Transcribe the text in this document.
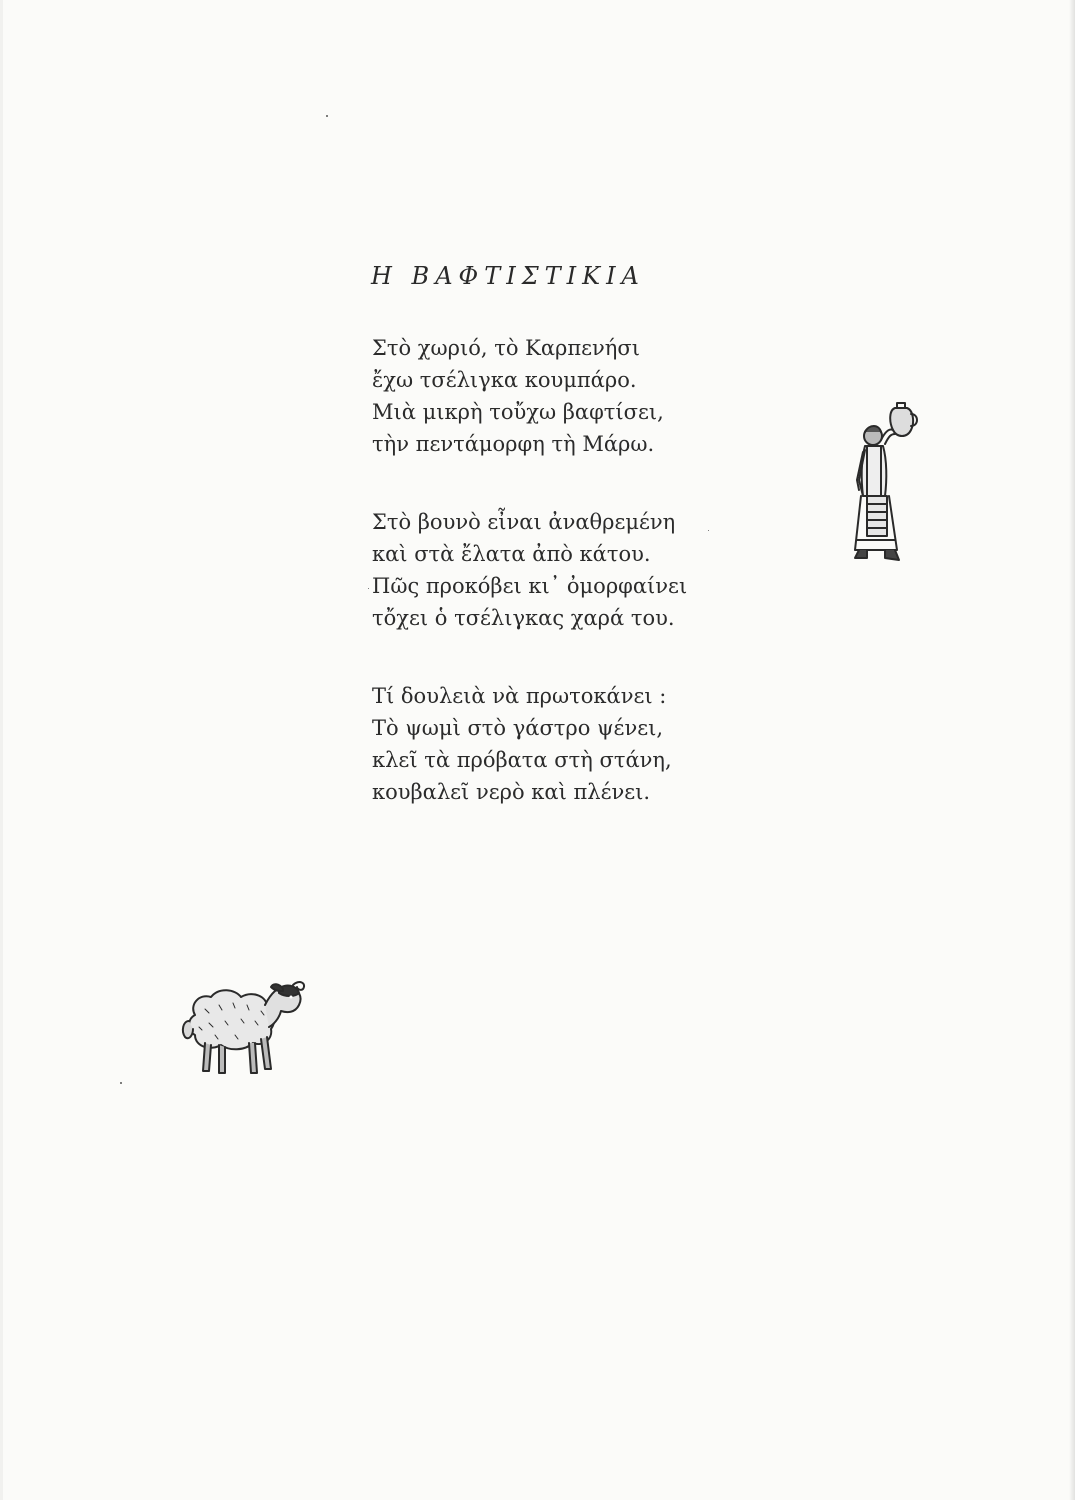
Η ΒΑΦΤΙΣΤΙΚΙΑ
Στὸ χωριό, τὸ Καρπενήσι
ἔχω τσέλιγκα κουμπάρο.
Μιὰ μικρὴ τοὔχω βαφτίσει,
τὴν πεντάμορφη τὴ Μάρω.
Στὸ βουνὸ εἶναι ἀναθρεμένη
καὶ στὰ ἔλατα ἀπὸ κάτου.
Πῶς προκόβει κι᾽ ὀμορφαίνει
τὄχει ὁ τσέλιγκας χαρά του.
Τί δουλειὰ νὰ πρωτοκάνει :
Τὸ ψωμὶ στὸ γάστρο ψένει,
κλεῖ τὰ πρόβατα στὴ στάνη,
κουβαλεῖ νερὸ καὶ πλένει.
